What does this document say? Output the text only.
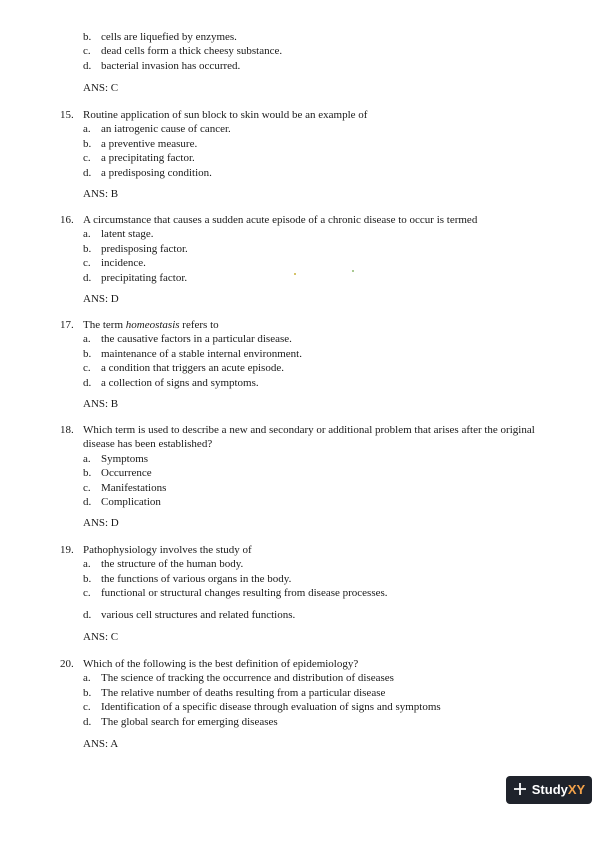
b. cells are liquefied by enzymes.
c. dead cells form a thick cheesy substance.
d. bacterial invasion has occurred.
ANS: C
15. Routine application of sun block to skin would be an example of
a. an iatrogenic cause of cancer.
b. a preventive measure.
c. a precipitating factor.
d. a predisposing condition.
ANS: B
16. A circumstance that causes a sudden acute episode of a chronic disease to occur is termed
a. latent stage.
b. predisposing factor.
c. incidence.
d. precipitating factor.
ANS: D
17. The term homeostasis refers to
a. the causative factors in a particular disease.
b. maintenance of a stable internal environment.
c. a condition that triggers an acute episode.
d. a collection of signs and symptoms.
ANS: B
18. Which term is used to describe a new and secondary or additional problem that arises after the original disease has been established?
a. Symptoms
b. Occurrence
c. Manifestations
d. Complication
ANS: D
19. Pathophysiology involves the study of
a. the structure of the human body.
b. the functions of various organs in the body.
c. functional or structural changes resulting from disease processes.
d. various cell structures and related functions.
ANS: C
20. Which of the following is the best definition of epidemiology?
a. The science of tracking the occurrence and distribution of diseases
b. The relative number of deaths resulting from a particular disease
c. Identification of a specific disease through evaluation of signs and symptoms
d. The global search for emerging diseases
ANS: A
StudyXY
